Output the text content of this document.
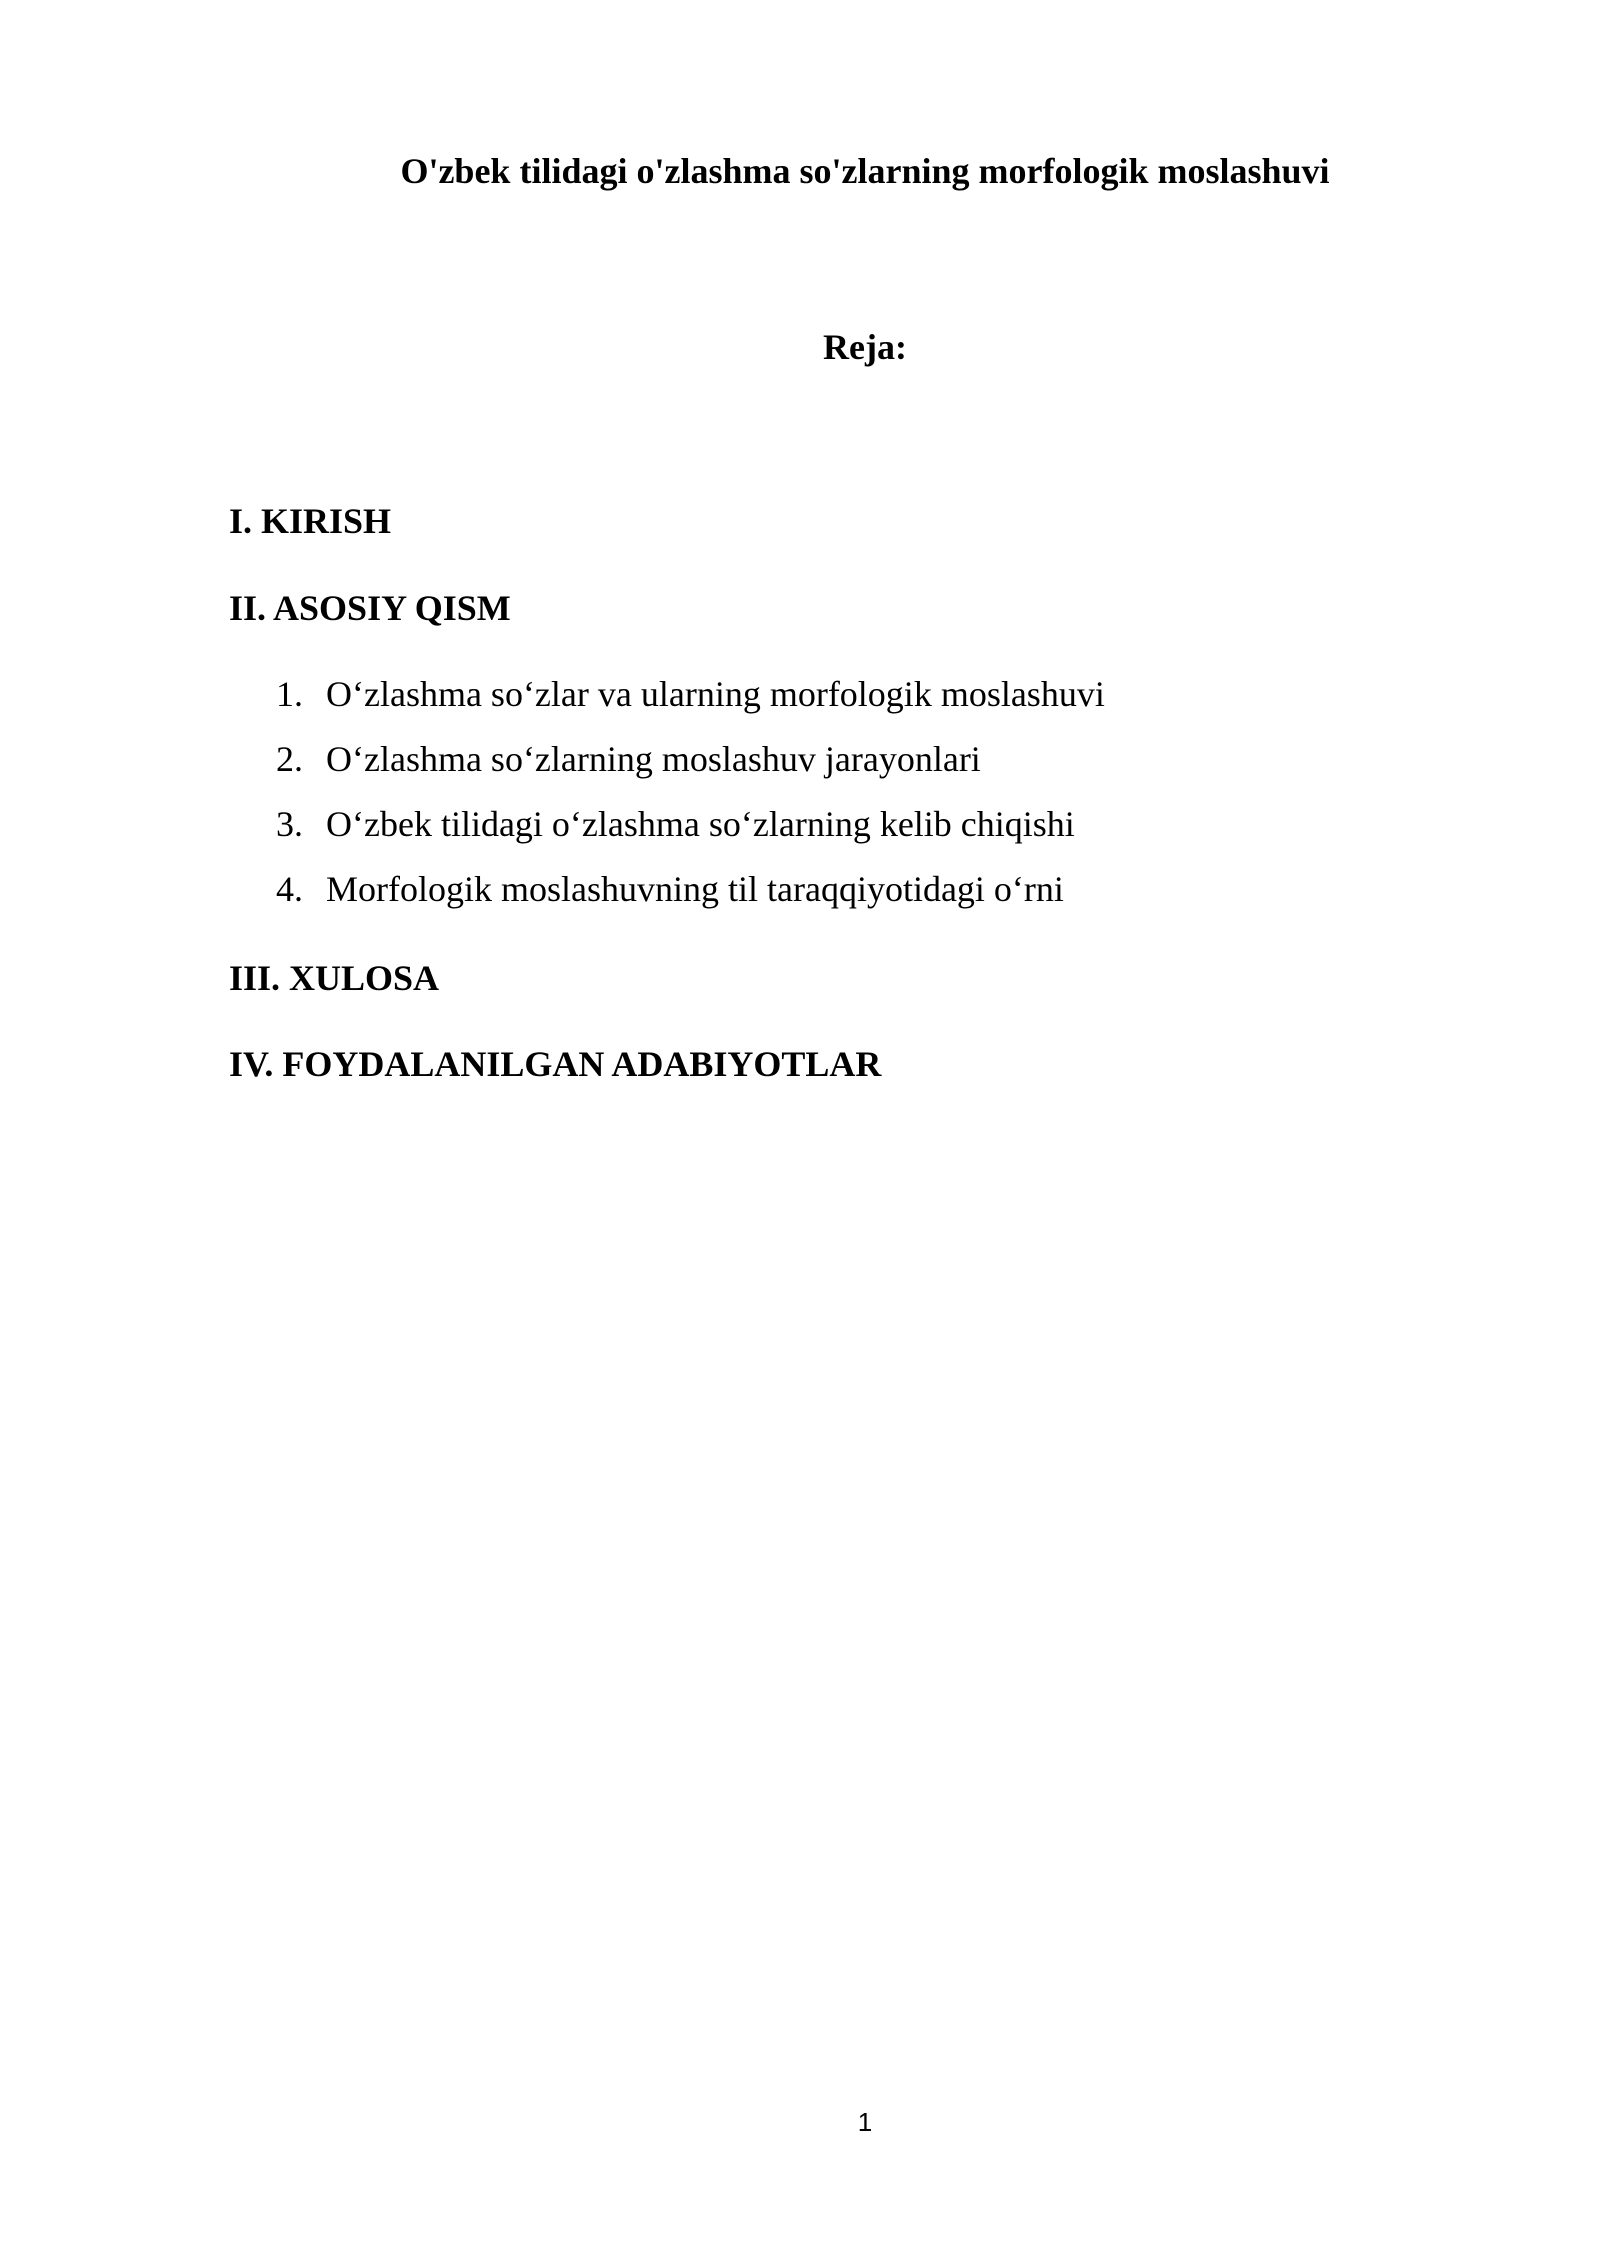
O'zbek tilidagi o'zlashma so'zlarning morfologik moslashuvi
Reja:
I. KIRISH
II. ASOSIY QISM
1. O‘zlashma so‘zlar va ularning morfologik moslashuvi
2. O‘zlashma so‘zlarning moslashuv jarayonlari
3. O‘zbek tilidagi o‘zlashma so‘zlarning kelib chiqishi
4. Morfologik moslashuvning til taraqqiyotidagi o‘rni
III. XULOSA
IV. FOYDALANILGAN ADABIYOTLAR
1
